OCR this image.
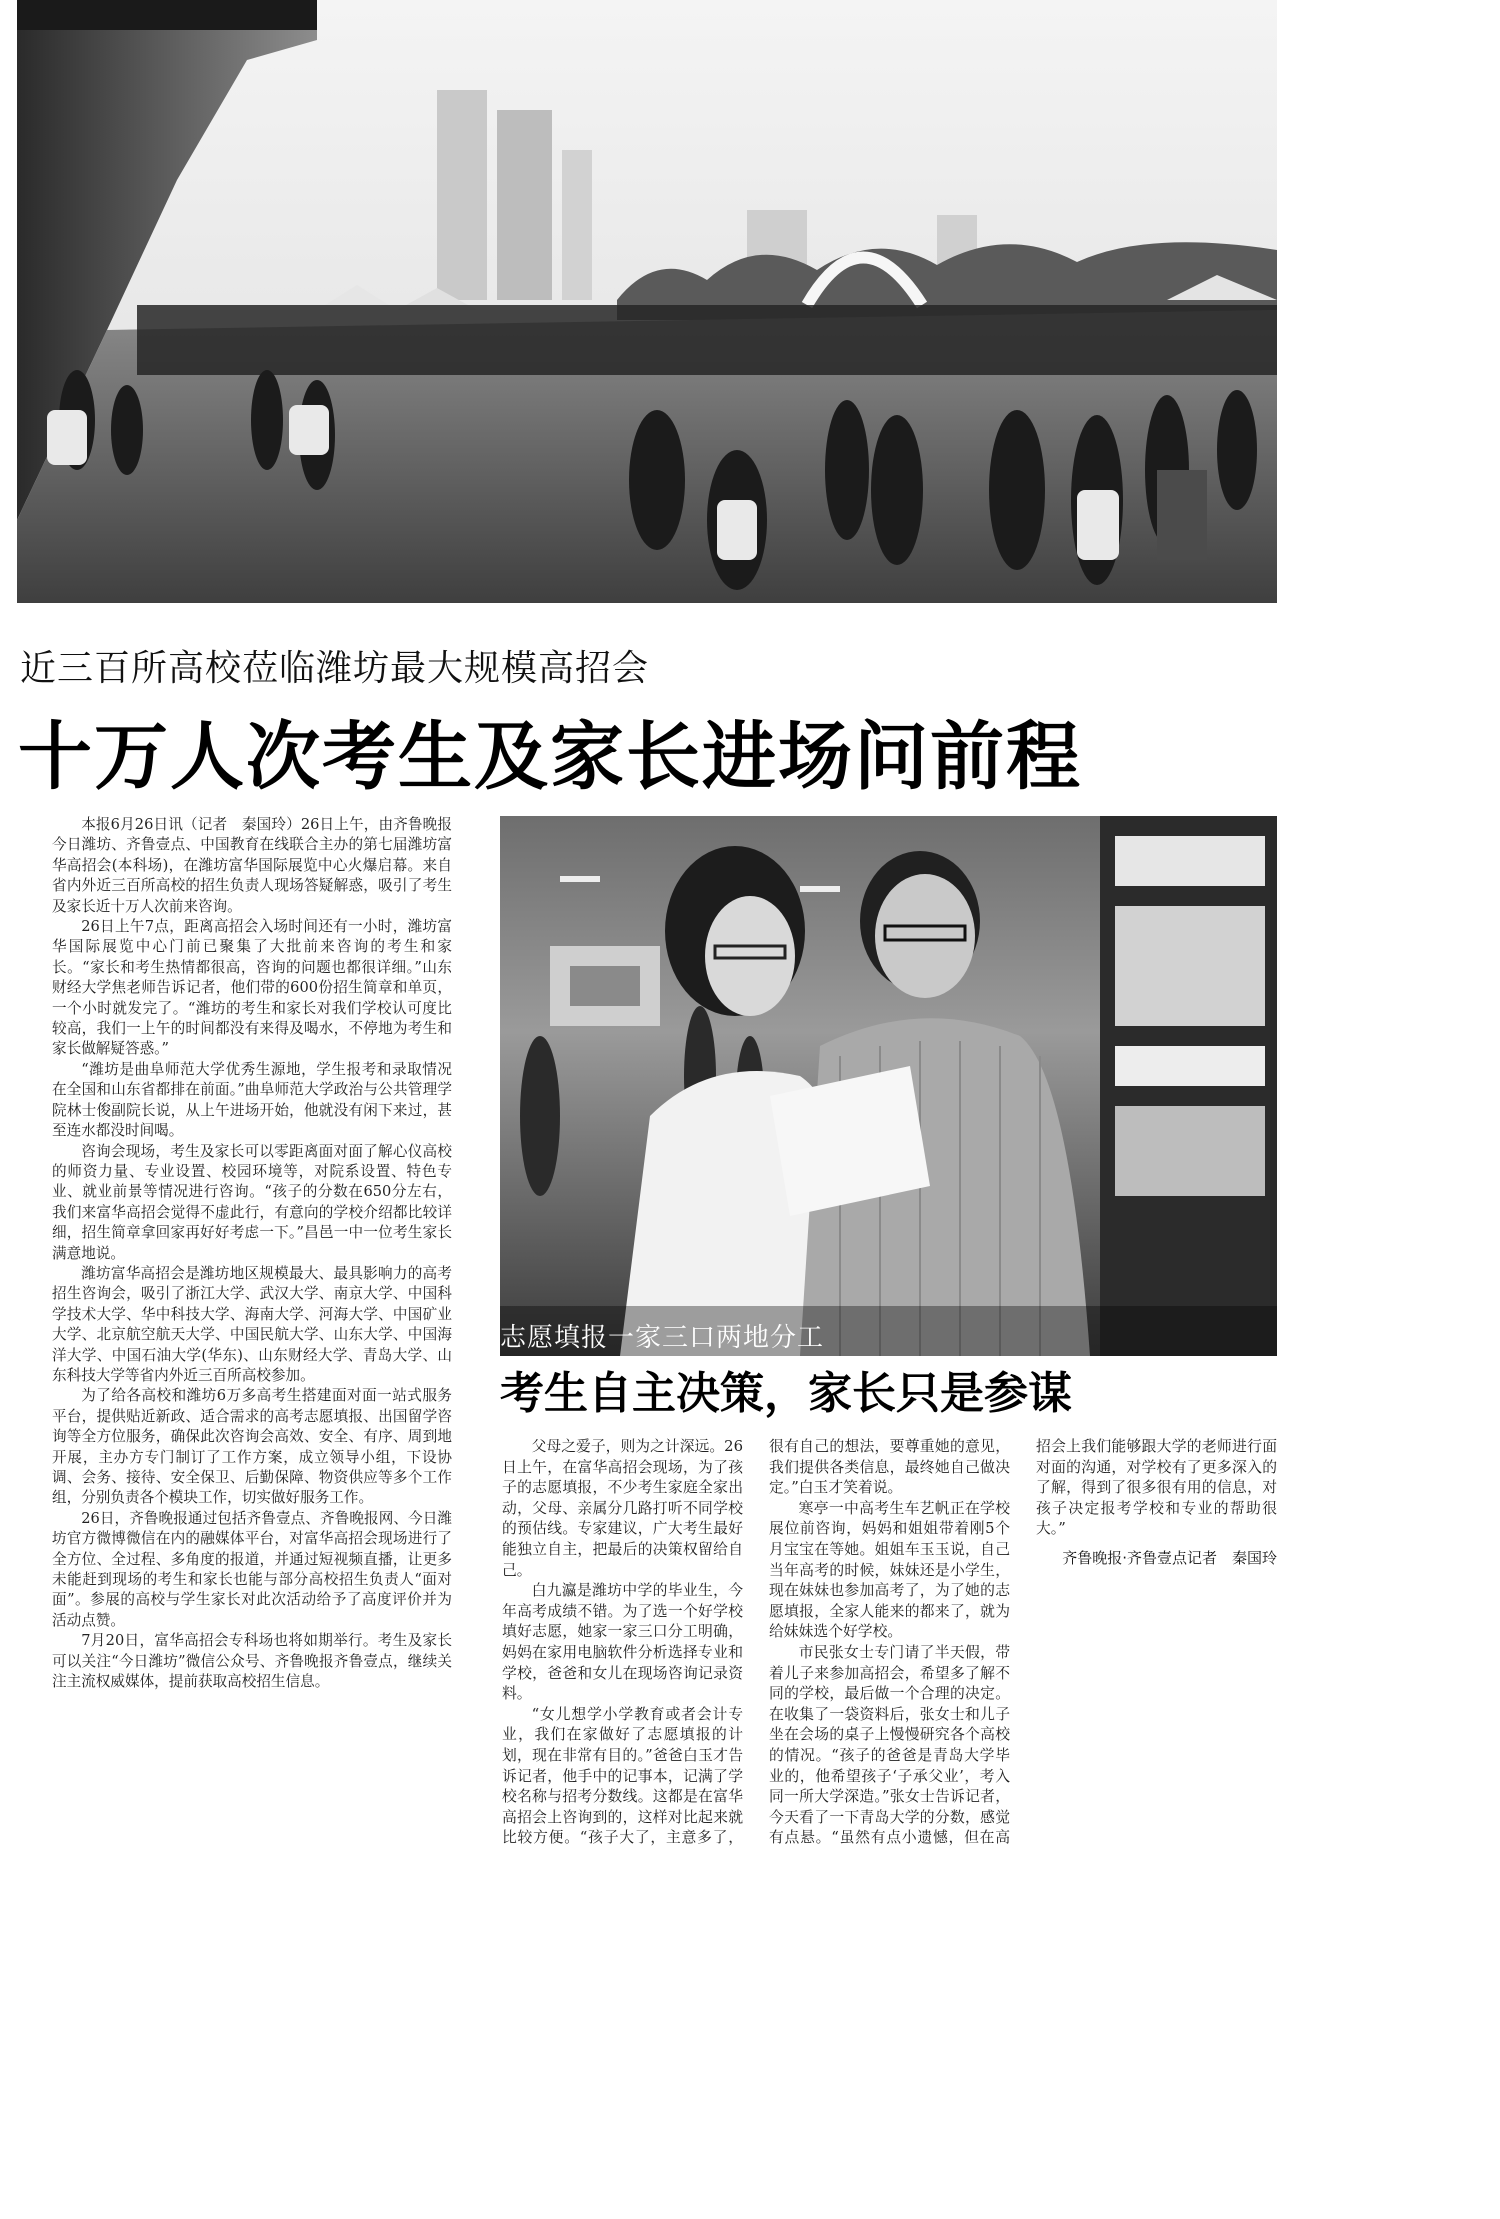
近三百所高校莅临潍坊最大规模高招会
十万人次考生及家长进场问前程

本报6月26日讯（记者　秦国玲）26日上午，由齐鲁晚报今日潍坊、齐鲁壹点、中国教育在线联合主办的第七届潍坊富华高招会(本科场)，在潍坊富华国际展览中心火爆启幕。来自省内外近三百所高校的招生负责人现场答疑解惑，吸引了考生及家长近十万人次前来咨询。

26日上午7点，距离高招会入场时间还有一小时，潍坊富华国际展览中心门前已聚集了大批前来咨询的考生和家长。“家长和考生热情都很高，咨询的问题也都很详细。”山东财经大学焦老师告诉记者，他们带的600份招生简章和单页，一个小时就发完了。“潍坊的考生和家长对我们学校认可度比较高，我们一上午的时间都没有来得及喝水，不停地为考生和家长做解疑答惑。”

“潍坊是曲阜师范大学优秀生源地，学生报考和录取情况在全国和山东省都排在前面。”曲阜师范大学政治与公共管理学院林士俊副院长说，从上午进场开始，他就没有闲下来过，甚至连水都没时间喝。

咨询会现场，考生及家长可以零距离面对面了解心仪高校的师资力量、专业设置、校园环境等，对院系设置、特色专业、就业前景等情况进行咨询。“孩子的分数在650分左右，我们来富华高招会觉得不虚此行，有意向的学校介绍都比较详细，招生简章拿回家再好好考虑一下。”昌邑一中一位考生家长满意地说。

潍坊富华高招会是潍坊地区规模最大、最具影响力的高考招生咨询会，吸引了浙江大学、武汉大学、南京大学、中国科学技术大学、华中科技大学、海南大学、河海大学、中国矿业大学、北京航空航天大学、中国民航大学、山东大学、中国海洋大学、中国石油大学(华东)、山东财经大学、青岛大学、山东科技大学等省内外近三百所高校参加。

为了给各高校和潍坊6万多高考生搭建面对面一站式服务平台，提供贴近新政、适合需求的高考志愿填报、出国留学咨询等全方位服务，确保此次咨询会高效、安全、有序、周到地开展，主办方专门制订了工作方案，成立领导小组，下设协调、会务、接待、安全保卫、后勤保障、物资供应等多个工作组，分别负责各个模块工作，切实做好服务工作。

26日，齐鲁晚报通过包括齐鲁壹点、齐鲁晚报网、今日潍坊官方微博微信在内的融媒体平台，对富华高招会现场进行了全方位、全过程、多角度的报道，并通过短视频直播，让更多未能赶到现场的考生和家长也能与部分高校招生负责人“面对面”。参展的高校与学生家长对此次活动给予了高度评价并为活动点赞。

7月20日，富华高招会专科场也将如期举行。考生及家长可以关注“今日潍坊”微信公众号、齐鲁晚报齐鲁壹点，继续关注主流权威媒体，提前获取高校招生信息。

志愿填报一家三口两地分工
考生自主决策，家长只是参谋

父母之爱子，则为之计深远。26日上午，在富华高招会现场，为了孩子的志愿填报，不少考生家庭全家出动，父母、亲属分几路打听不同学校的预估线。专家建议，广大考生最好能独立自主，把最后的决策权留给自己。

白九瀛是潍坊中学的毕业生，今年高考成绩不错。为了选一个好学校填好志愿，她家一家三口分工明确，妈妈在家用电脑软件分析选择专业和学校，爸爸和女儿在现场咨询记录资料。

“女儿想学小学教育或者会计专业，我们在家做好了志愿填报的计划，现在非常有目的。”爸爸白玉才告诉记者，他手中的记事本，记满了学校名称与招考分数线。这都是在富华高招会上咨询到的，这样对比起来就比较方便。“孩子大了，主意多了，很有自己的想法，要尊重她的意见，我们提供各类信息，最终她自己做决定。”白玉才笑着说。

寒亭一中高考生车艺帆正在学校展位前咨询，妈妈和姐姐带着刚5个月宝宝在等她。姐姐车玉玉说，自己当年高考的时候，妹妹还是小学生，现在妹妹也参加高考了，为了她的志愿填报，全家人能来的都来了，就为给妹妹选个好学校。

市民张女士专门请了半天假，带着儿子来参加高招会，希望多了解不同的学校，最后做一个合理的决定。在收集了一袋资料后，张女士和儿子坐在会场的桌子上慢慢研究各个高校的情况。“孩子的爸爸是青岛大学毕业的，他希望孩子‘子承父业’，考入同一所大学深造。”张女士告诉记者，今天看了一下青岛大学的分数，感觉有点悬。“虽然有点小遗憾，但在高招会上我们能够跟大学的老师进行面对面的沟通，对学校有了更多深入的了解，得到了很多很有用的信息，对孩子决定报考学校和专业的帮助很大。”

齐鲁晚报·齐鲁壹点记者　秦国玲
